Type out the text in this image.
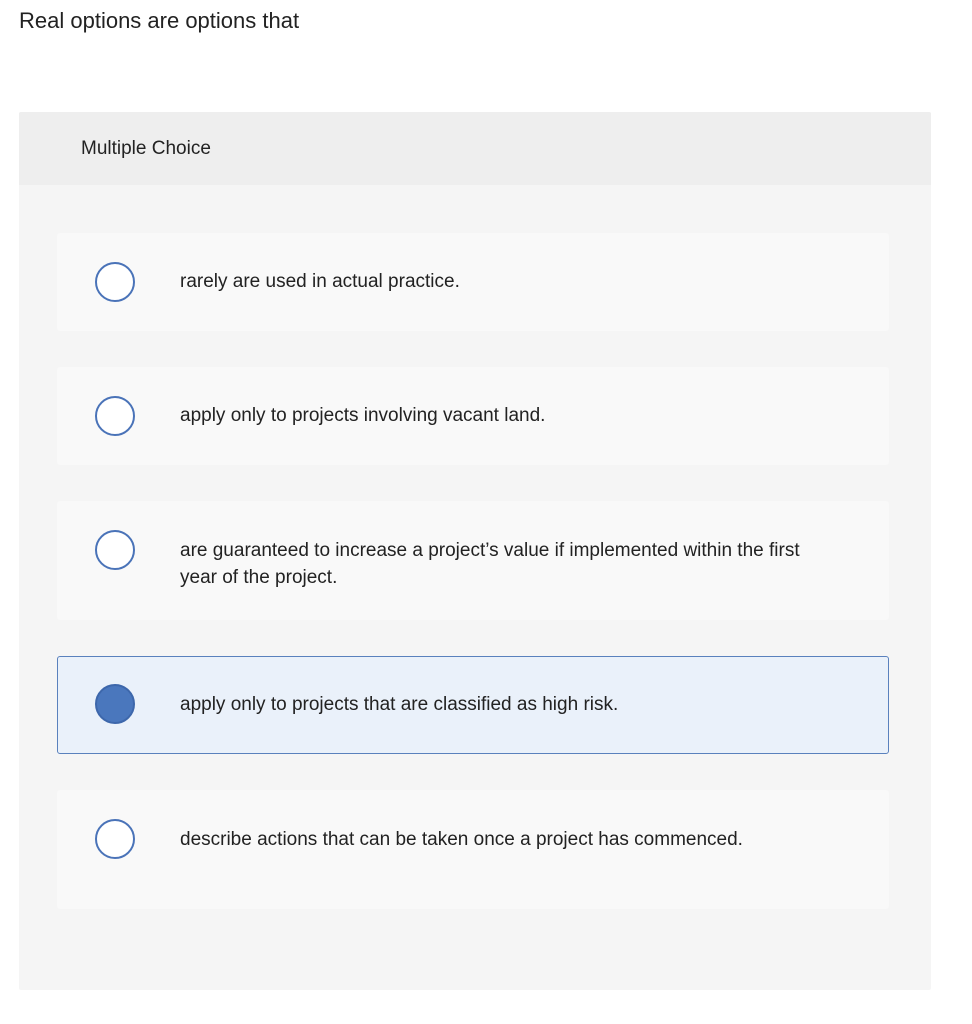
Real options are options that
Multiple Choice
rarely are used in actual practice.
apply only to projects involving vacant land.
are guaranteed to increase a project’s value if implemented within the first year of the project.
apply only to projects that are classified as high risk.
describe actions that can be taken once a project has commenced.
